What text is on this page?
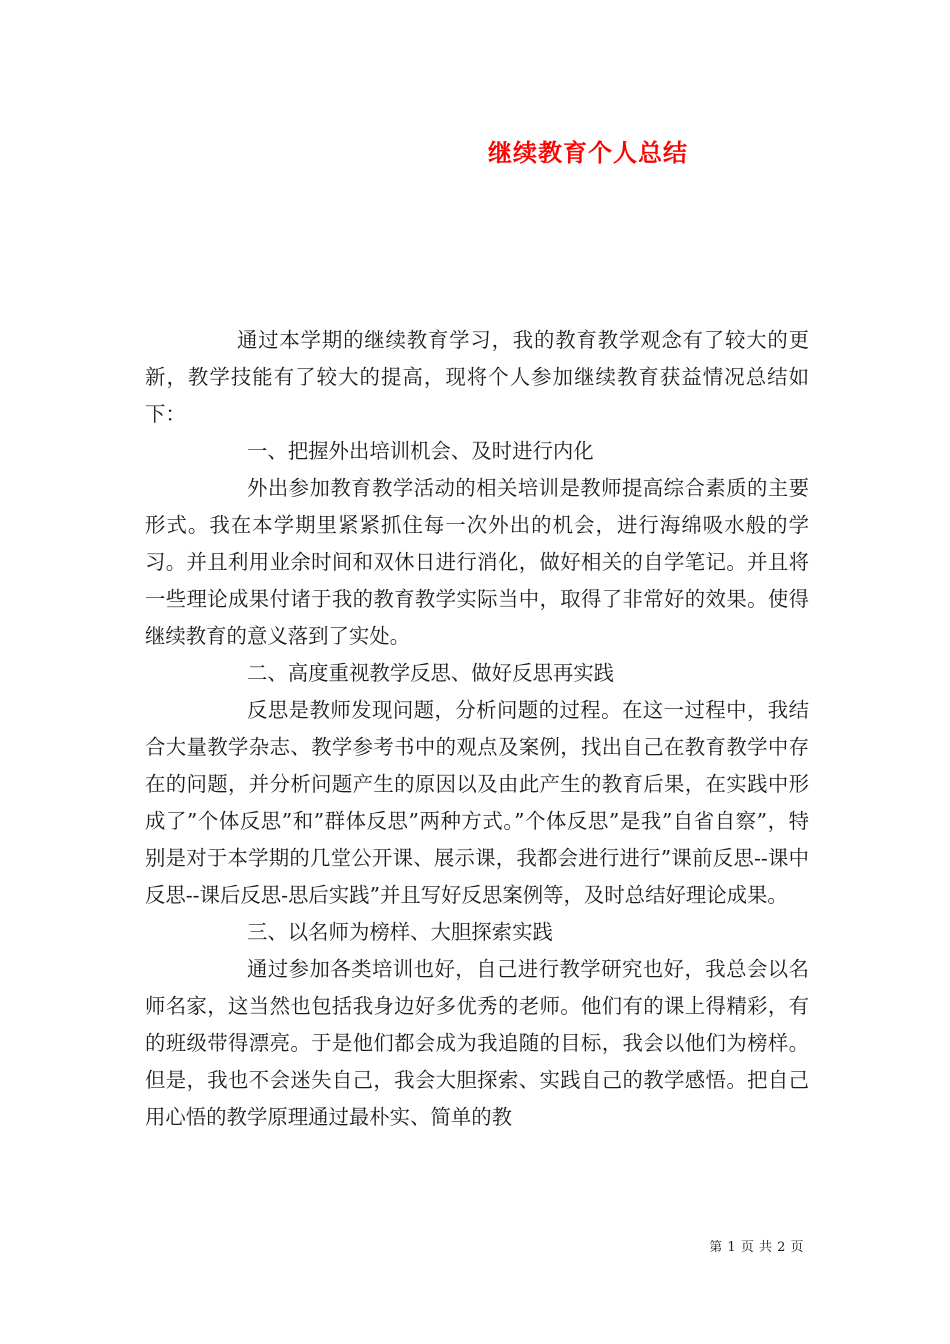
继续教育个人总结

通过本学期的继续教育学习，我的教育教学观念有了较大的更新，教学技能有了较大的提高，现将个人参加继续教育获益情况总结如下：

一、把握外出培训机会、及时进行内化

外出参加教育教学活动的相关培训是教师提高综合素质的主要形式。我在本学期里紧紧抓住每一次外出的机会，进行海绵吸水般的学习。并且利用业余时间和双休日进行消化，做好相关的自学笔记。并且将一些理论成果付诸于我的教育教学实际当中，取得了非常好的效果。使得继续教育的意义落到了实处。

二、高度重视教学反思、做好反思再实践

反思是教师发现问题，分析问题的过程。在这一过程中，我结合大量教学杂志、教学参考书中的观点及案例，找出自己在教育教学中存在的问题，并分析问题产生的原因以及由此产生的教育后果，在实践中形成了”个体反思”和”群体反思”两种方式。”个体反思”是我”自省自察”，特别是对于本学期的几堂公开课、展示课，我都会进行进行”课前反思--课中反思--课后反思-思后实践”并且写好反思案例等，及时总结好理论成果。

三、以名师为榜样、大胆探索实践

通过参加各类培训也好，自己进行教学研究也好，我总会以名师名家，这当然也包括我身边好多优秀的老师。他们有的课上得精彩，有的班级带得漂亮。于是他们都会成为我追随的目标，我会以他们为榜样。但是，我也不会迷失自己，我会大胆探索、实践自己的教学感悟。把自己用心悟的教学原理通过最朴实、简单的教

第 1 页 共 2 页
